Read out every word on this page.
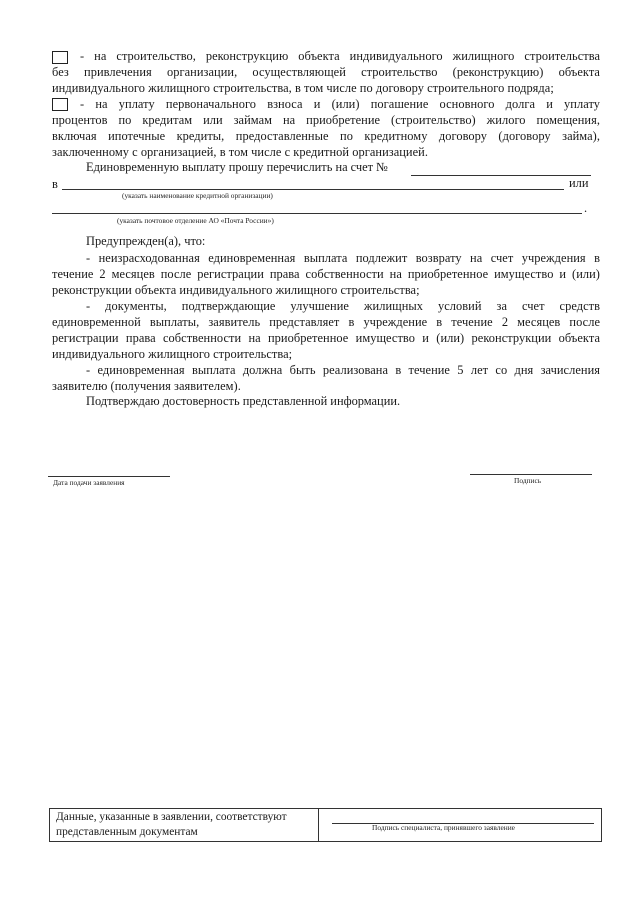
- на строительство, реконструкцию объекта индивидуального жилищного строительства
без привлечения организации, осуществляющей строительство (реконструкцию) объекта
индивидуального жилищного строительства, в том числе по договору строительного подряда;
- на уплату первоначального взноса и (или) погашение основного долга и уплату
процентов по кредитам или займам на приобретение (строительство) жилого помещения,
включая ипотечные кредиты, предоставленные по кредитному договору (договору займа),
заключенному с организацией, в том числе с кредитной организацией.
Единовременную выплату прошу перечислить на счет №
в	или
(указать наименование кредитной организации)
.
(указать почтовое отделение АО «Почта России»)
Предупрежден(а), что:
- неизрасходованная единовременная выплата подлежит возврату на счет учреждения в
течение 2 месяцев после регистрации права собственности на приобретенное имущество и (или)
реконструкции объекта индивидуального жилищного строительства;
- документы, подтверждающие улучшение жилищных условий за счет средств
единовременной выплаты, заявитель представляет в учреждение в течение 2 месяцев после
регистрации права собственности на приобретенное имущество и (или) реконструкции объекта
индивидуального жилищного строительства;
- единовременная выплата должна быть реализована в течение 5 лет со дня зачисления
заявителю (получения заявителем).
Подтверждаю достоверность представленной информации.
Дата подачи заявления	Подпись
Данные, указанные в заявлении, соответствуют
представленным документам	Подпись специалиста, принявшего заявление
